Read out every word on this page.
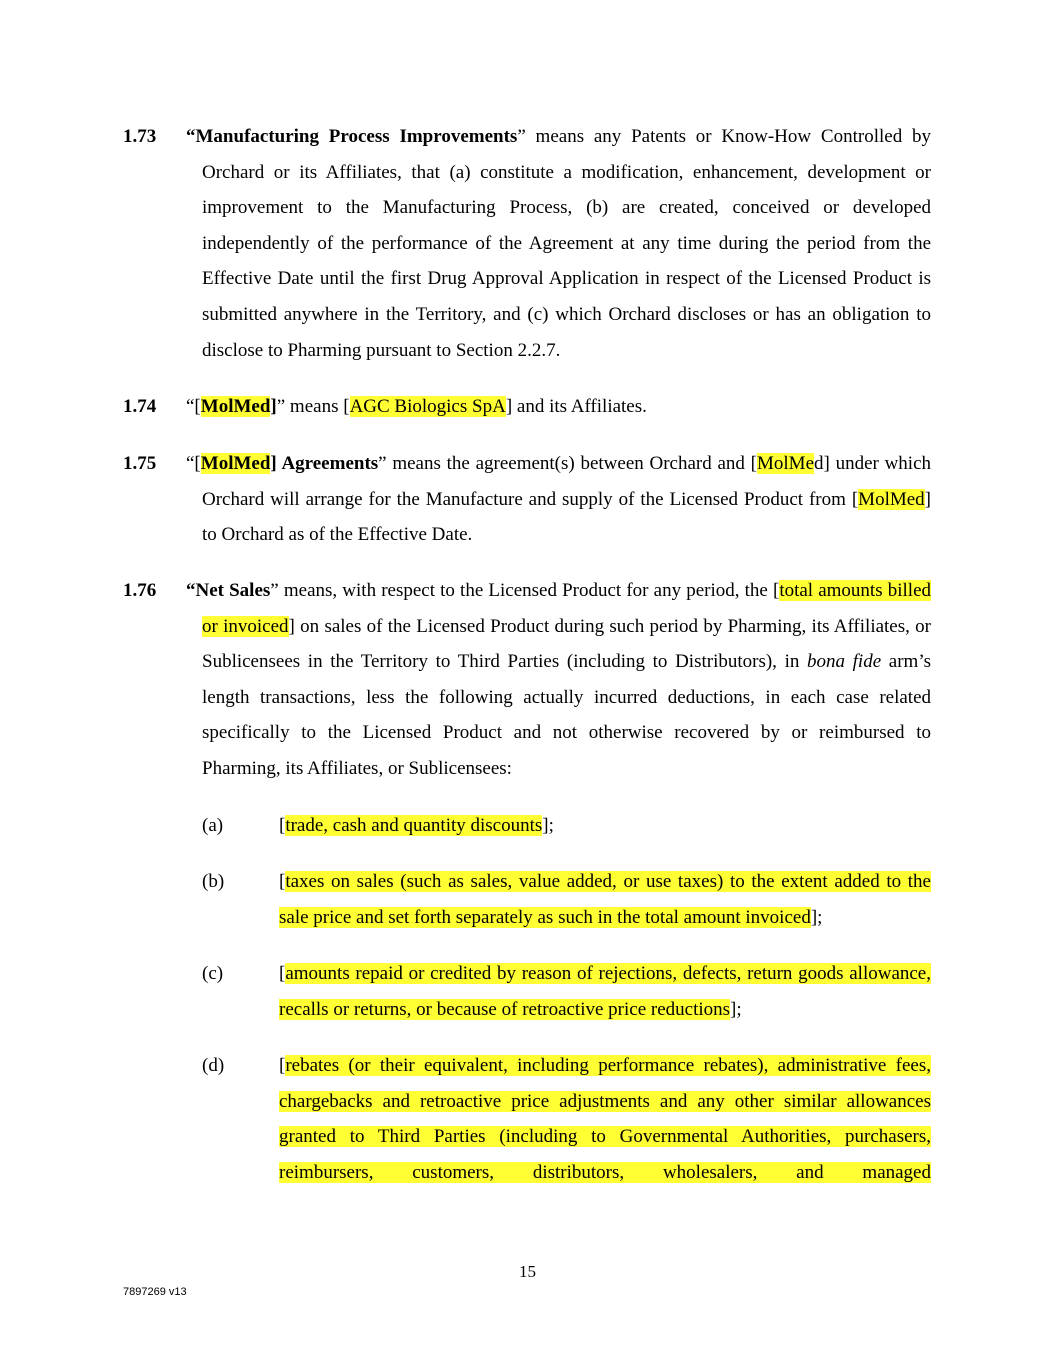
1.73 “Manufacturing Process Improvements” means any Patents or Know-How Controlled by Orchard or its Affiliates, that (a) constitute a modification, enhancement, development or improvement to the Manufacturing Process, (b) are created, conceived or developed independently of the performance of the Agreement at any time during the period from the Effective Date until the first Drug Approval Application in respect of the Licensed Product is submitted anywhere in the Territory, and (c) which Orchard discloses or has an obligation to disclose to Pharming pursuant to Section 2.2.7.
1.74 “[MolMed]” means [AGC Biologics SpA] and its Affiliates.
1.75 “[MolMed] Agreements” means the agreement(s) between Orchard and [MolMed] under which Orchard will arrange for the Manufacture and supply of the Licensed Product from [MolMed] to Orchard as of the Effective Date.
1.76 “Net Sales” means, with respect to the Licensed Product for any period, the [total amounts billed or invoiced] on sales of the Licensed Product during such period by Pharming, its Affiliates, or Sublicensees in the Territory to Third Parties (including to Distributors), in bona fide arm’s length transactions, less the following actually incurred deductions, in each case related specifically to the Licensed Product and not otherwise recovered by or reimbursed to Pharming, its Affiliates, or Sublicensees:
(a)	[trade, cash and quantity discounts];
(b)	[taxes on sales (such as sales, value added, or use taxes) to the extent added to the sale price and set forth separately as such in the total amount invoiced];
(c)	[amounts repaid or credited by reason of rejections, defects, return goods allowance, recalls or returns, or because of retroactive price reductions];
(d)	[rebates (or their equivalent, including performance rebates), administrative fees, chargebacks and retroactive price adjustments and any other similar allowances granted to Third Parties (including to Governmental Authorities, purchasers, reimbursers, customers, distributors, wholesalers, and managed
15
7897269 v13
